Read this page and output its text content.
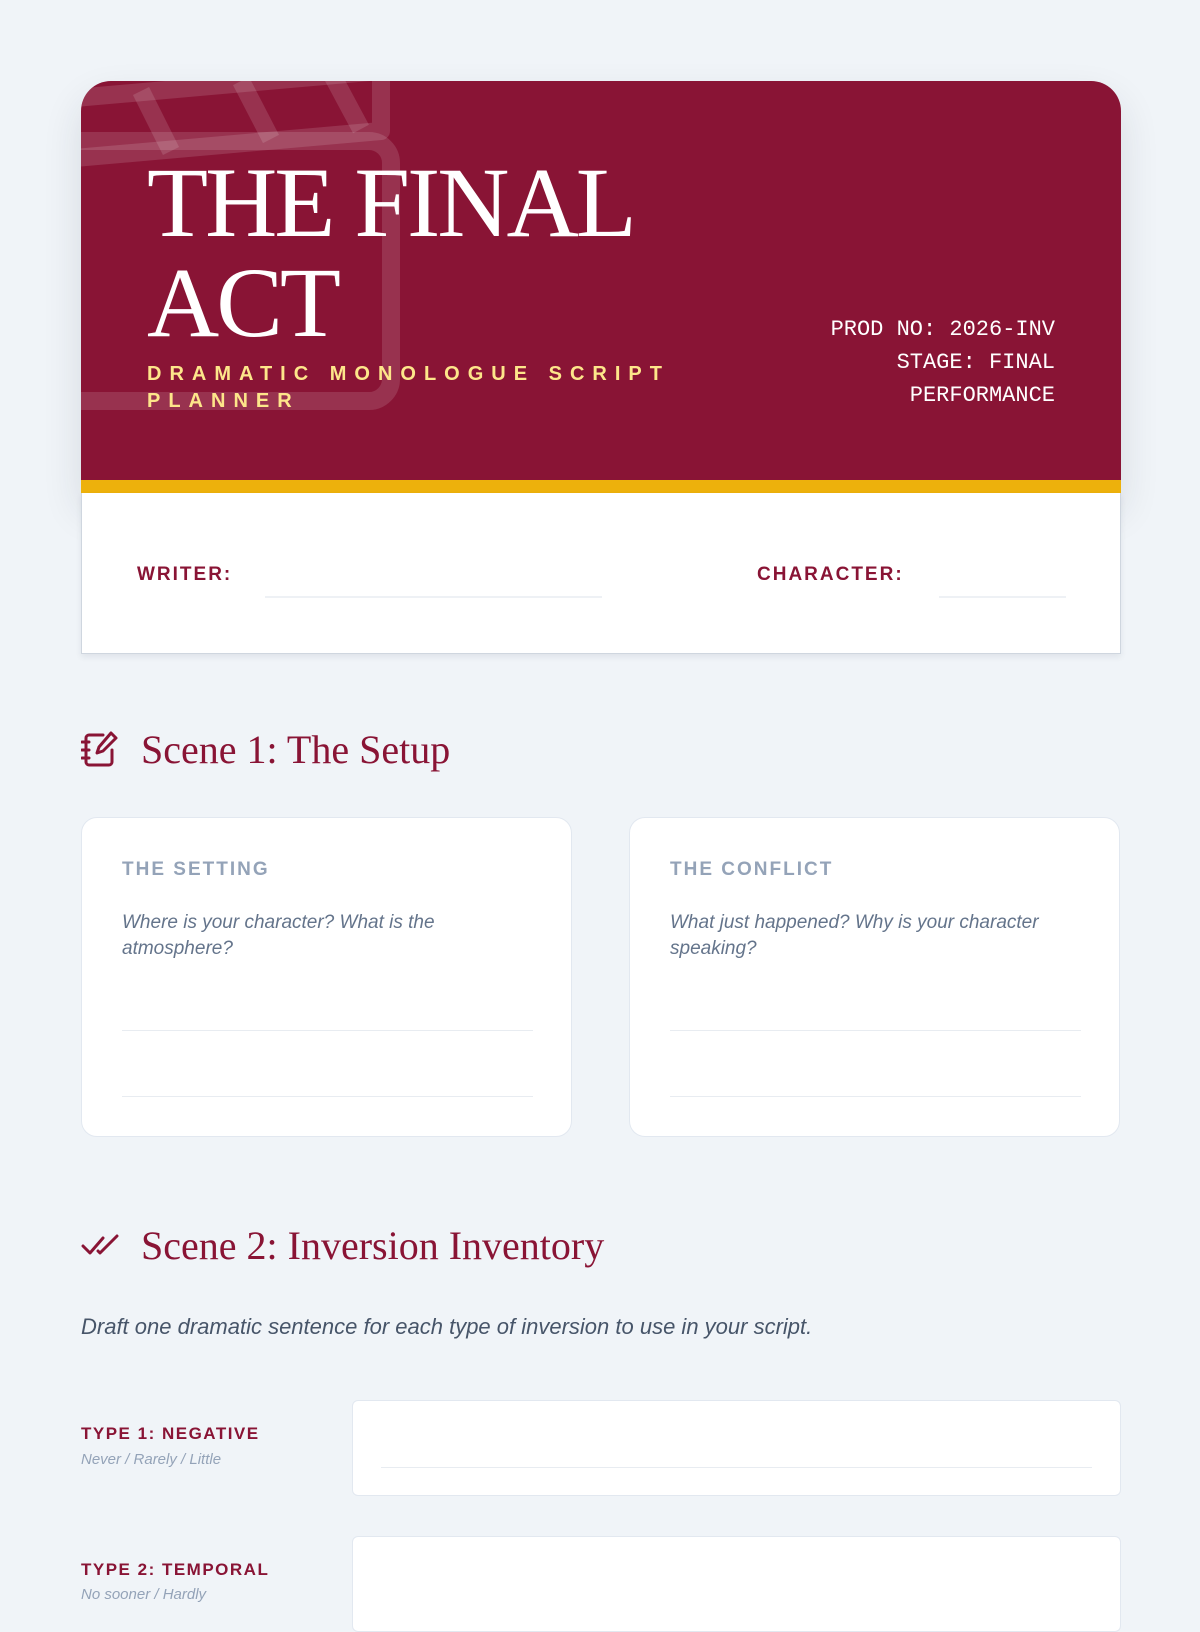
THE FINAL ACT
DRAMATIC MONOLOGUE SCRIPT PLANNER
PROD NO: 2026-INV
STAGE: FINAL PERFORMANCE
WRITER:	CHARACTER:
Scene 1: The Setup
THE SETTING

Where is your character? What is the atmosphere?

THE CONFLICT

What just happened? Why is your character speaking?

Scene 2: Inversion Inventory

Draft one dramatic sentence for each type of inversion to use in your script.

TYPE 1: NEGATIVE
Never / Rarely / Little
TYPE 2: TEMPORAL
No sooner / Hardly
